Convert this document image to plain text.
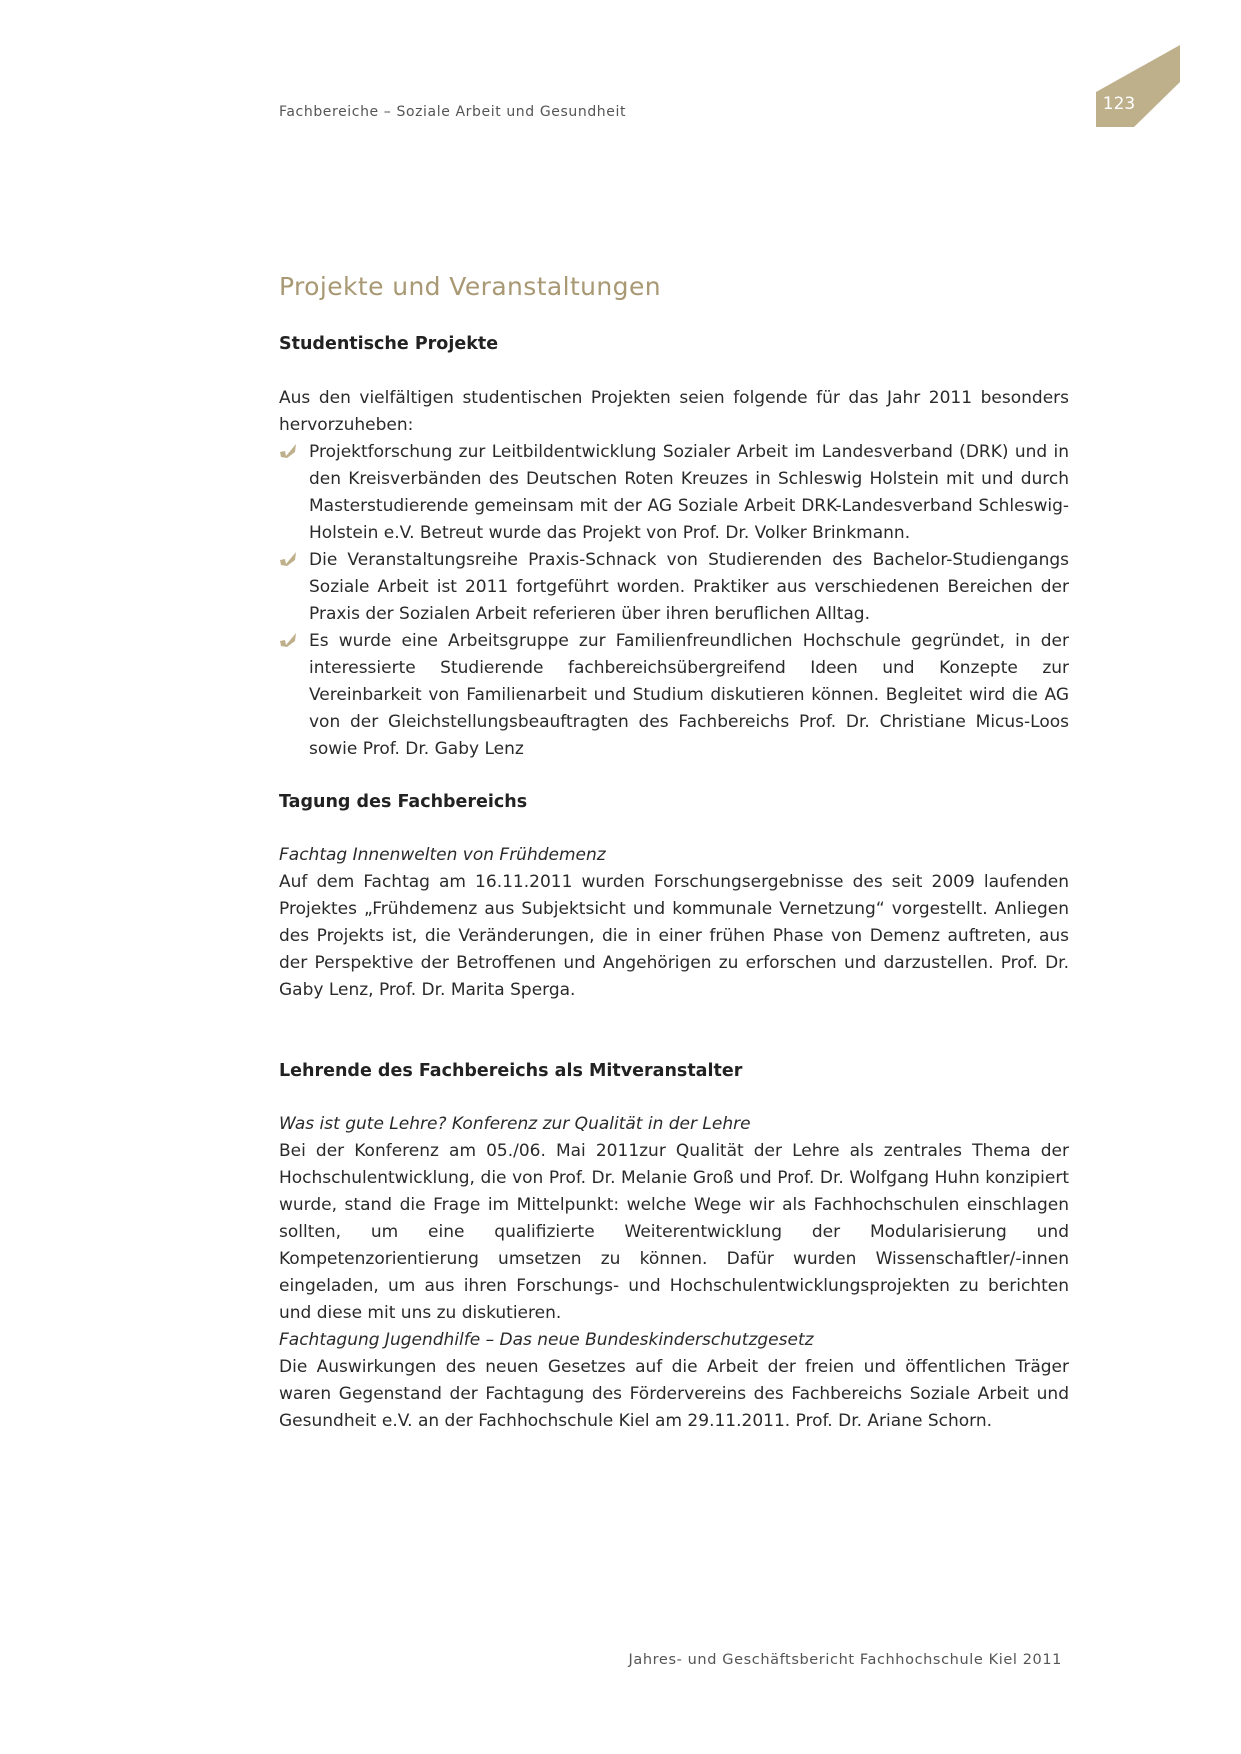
Fachbereiche – Soziale Arbeit und Gesundheit	123
Projekte und Veranstaltungen
Studentische Projekte
Aus den vielfältigen studentischen Projekten seien folgende für das Jahr 2011 besonders hervorzuheben:
Projektforschung zur Leitbildentwicklung Sozialer Arbeit im Landesverband (DRK) und in den Kreisverbänden des Deutschen Roten Kreuzes in Schleswig Holstein mit und durch Masterstudierende gemeinsam mit der AG Soziale Arbeit DRK-Landesverband Schleswig-Holstein e.V. Betreut wurde das Projekt von Prof. Dr. Volker Brinkmann.
Die Veranstaltungsreihe Praxis-Schnack von Studierenden des Bachelor-Studiengangs Soziale Arbeit ist 2011 fortgeführt worden. Praktiker aus verschiedenen Bereichen der Praxis der Sozialen Arbeit referieren über ihren beruflichen Alltag.
Es wurde eine Arbeitsgruppe zur Familienfreundlichen Hochschule gegründet, in der interessierte Studierende fachbereichsübergreifend Ideen und Konzepte zur Vereinbarkeit von Familienarbeit und Studium diskutieren können. Begleitet wird die AG von der Gleichstellungsbeauftragten des Fachbereichs Prof. Dr. Christiane Micus-Loos sowie Prof. Dr. Gaby Lenz
Tagung des Fachbereichs
Fachtag Innenwelten von Frühdemenz
Auf dem Fachtag am 16.11.2011 wurden Forschungsergebnisse des seit 2009 laufenden Projektes „Frühdemenz aus Subjektsicht und kommunale Vernetzung“ vorgestellt. Anliegen des Projekts ist, die Veränderungen, die in einer frühen Phase von Demenz auftreten, aus der Perspektive der Betroffenen und Angehörigen zu erforschen und darzustellen. Prof. Dr. Gaby Lenz, Prof. Dr. Marita Sperga.
Lehrende des Fachbereichs als Mitveranstalter
Was ist gute Lehre? Konferenz zur Qualität in der Lehre
Bei der Konferenz am 05./06. Mai 2011zur Qualität der Lehre als zentrales Thema der Hochschulentwicklung, die von Prof. Dr. Melanie Groß und Prof. Dr. Wolfgang Huhn konzipiert wurde, stand die Frage im Mittelpunkt: welche Wege wir als Fachhochschulen einschlagen sollten, um eine qualifizierte Weiterentwicklung der Modularisierung und Kompetenzorientierung umsetzen zu können. Dafür wurden Wissenschaftler/-innen eingeladen, um aus ihren Forschungs- und Hochschulentwicklungsprojekten zu berichten und diese mit uns zu diskutieren.
Fachtagung Jugendhilfe – Das neue Bundeskinderschutzgesetz
Die Auswirkungen des neuen Gesetzes auf die Arbeit der freien und öffentlichen Träger waren Gegenstand der Fachtagung des Fördervereins des Fachbereichs Soziale Arbeit und Gesundheit e.V. an der Fachhochschule Kiel am 29.11.2011. Prof. Dr. Ariane Schorn.
Jahres- und Geschäftsbericht Fachhochschule Kiel 2011
